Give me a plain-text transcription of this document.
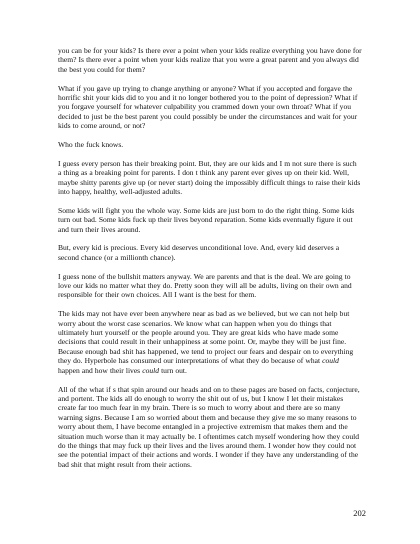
you can be for your kids? Is there ever a point when your kids realize everything you have done for them? Is there ever a point when your kids realize that you were a great parent and you always did the best you could for them?

What if you gave up trying to change anything or anyone? What if you accepted and forgave the horrific shit your kids did to you and it no longer bothered you to the point of depression? What if you forgave yourself for whatever culpability you crammed down your own throat? What if you decided to just be the best parent you could possibly be under the circumstances and wait for your kids to come around, or not?

Who the fuck knows.

I guess every person has their breaking point. But, they are our kids and I m not sure there is such a thing as a breaking point for parents. I don t think any parent ever gives up on their kid. Well, maybe shitty parents give up (or never start) doing the impossibly difficult things to raise their kids into happy, healthy, well-adjusted adults.

Some kids will fight you the whole way. Some kids are just born to do the right thing. Some kids turn out bad. Some kids fuck up their lives beyond reparation. Some kids eventually figure it out and turn their lives around.

But, every kid is precious. Every kid deserves unconditional love. And, every kid deserves a second chance (or a millionth chance).

I guess none of the bullshit matters anyway. We are parents and that is the deal. We are going to love our kids no matter what they do. Pretty soon they will all be adults, living on their own and responsible for their own choices. All I want is the best for them.

The kids may not have ever been anywhere near as bad as we believed, but we can not help but worry about the worst case scenarios. We know what can happen when you do things that ultimately hurt yourself or the people around you. They are great kids who have made some decisions that could result in their unhappiness at some point. Or, maybe they will be just fine. Because enough bad shit has happened, we tend to project our fears and despair on to everything they do. Hyperbole has consumed our interpretations of what they do because of what could happen and how their lives could turn out.

All of the what if s that spin around our heads and on to these pages are based on facts, conjecture, and portent. The kids all do enough to worry the shit out of us, but I know I let their mistakes create far too much fear in my brain. There is so much to worry about and there are so many warning signs. Because I am so worried about them and because they give me so many reasons to worry about them, I have become entangled in a projective extremism that makes them and the situation much worse than it may actually be. I oftentimes catch myself wondering how they could do the things that may fuck up their lives and the lives around them. I wonder how they could not see the potential impact of their actions and words. I wonder if they have any understanding of the bad shit that might result from their actions.

202
